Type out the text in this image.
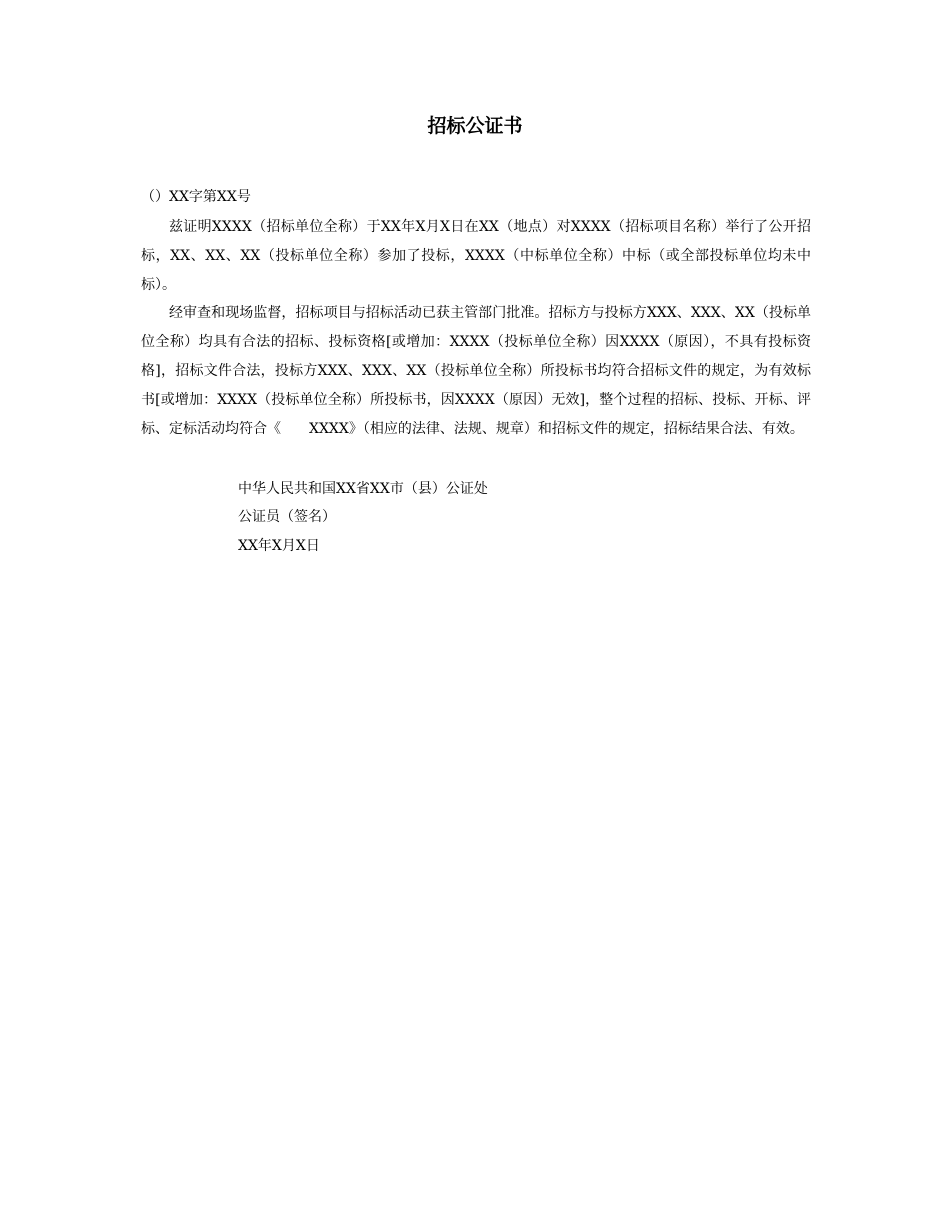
招标公证书

（）XX字第XX号

兹证明XXXX（招标单位全称）于XX年X月X日在XX（地点）对XXXX（招标项目名称）举行了公开招标，XX、XX、XX（投标单位全称）参加了投标，XXXX（中标单位全称）中标（或全部投标单位均未中标）。

经审查和现场监督，招标项目与招标活动已获主管部门批准。招标方与投标方XXX、XXX、XX（投标单位全称）均具有合法的招标、投标资格[或增加：XXXX（投标单位全称）因XXXX（原因），不具有投标资格]，招标文件合法，投标方XXX、XXX、XX（投标单位全称）所投标书均符合招标文件的规定，为有效标书[或增加：XXXX（投标单位全称）所投标书，因XXXX（原因）无效]，整个过程的招标、投标、开标、评标、定标活动均符合《　　XXXX》（相应的法律、法规、规章）和招标文件的规定，招标结果合法、有效。

中华人民共和国XX省XX市（县）公证处

公证员（签名）

XX年X月X日
